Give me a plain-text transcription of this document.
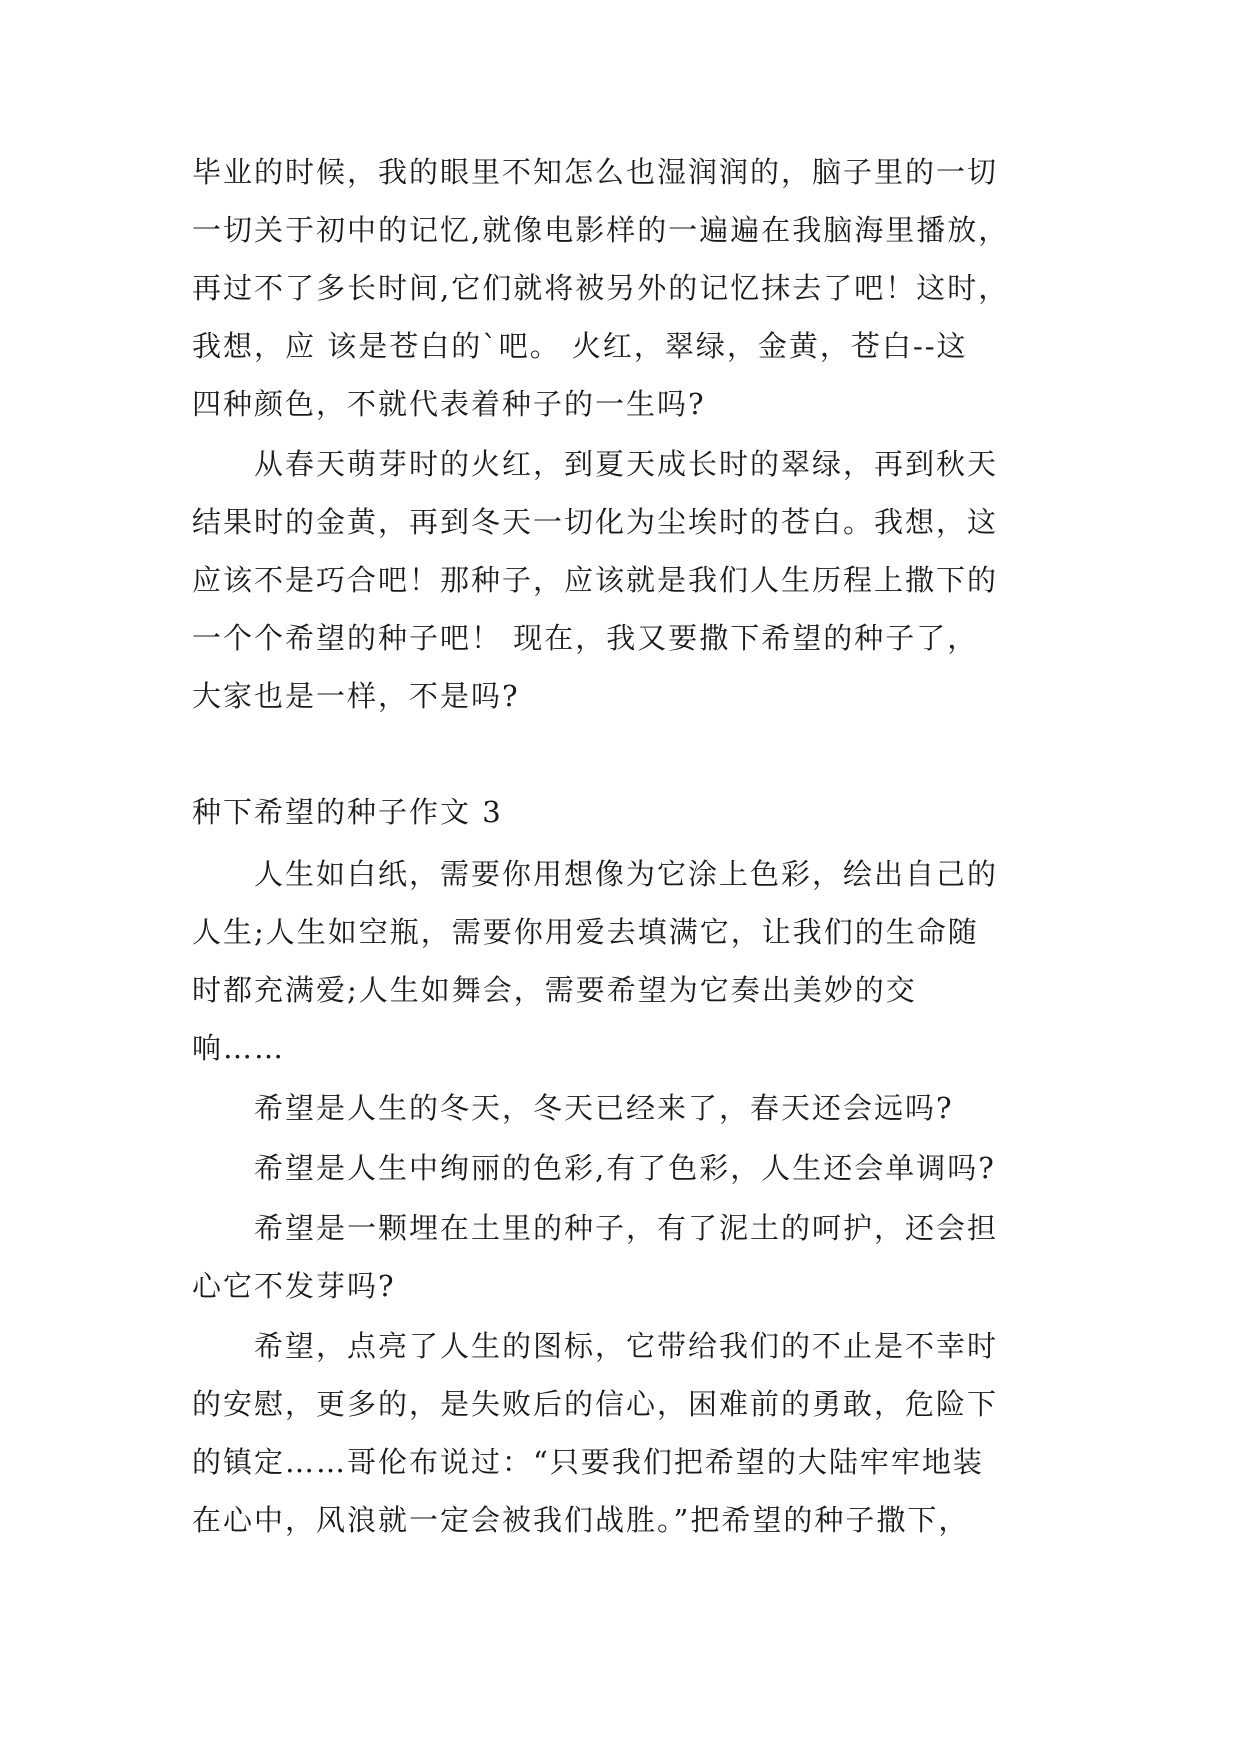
毕业的时候，我的眼里不知怎么也湿润润的，脑子里的一切
一切关于初中的记忆,就像电影样的一遍遍在我脑海里播放，
再过不了多长时间,它们就将被另外的记忆抹去了吧！这时，
我想，应 该是苍白的`吧。 火红，翠绿，金黄，苍白--这
四种颜色，不就代表着种子的一生吗?
从春天萌芽时的火红，到夏天成长时的翠绿，再到秋天
结果时的金黄，再到冬天一切化为尘埃时的苍白。我想，这
应该不是巧合吧！那种子，应该就是我们人生历程上撒下的
一个个希望的种子吧！ 现在，我又要撒下希望的种子了，
大家也是一样，不是吗?
种下希望的种子作文 3
人生如白纸，需要你用想像为它涂上色彩，绘出自己的
人生;人生如空瓶，需要你用爱去填满它，让我们的生命随
时都充满爱;人生如舞会，需要希望为它奏出美妙的交
响……
希望是人生的冬天，冬天已经来了，春天还会远吗?
希望是人生中绚丽的色彩,有了色彩，人生还会单调吗?
希望是一颗埋在土里的种子，有了泥土的呵护，还会担
心它不发芽吗?
希望，点亮了人生的图标，它带给我们的不止是不幸时
的安慰，更多的，是失败后的信心，困难前的勇敢，危险下
的镇定……哥伦布说过：“只要我们把希望的大陆牢牢地装
在心中，风浪就一定会被我们战胜。”把希望的种子撒下，
